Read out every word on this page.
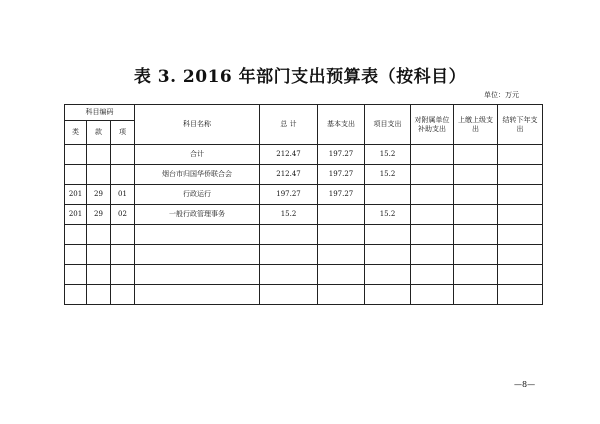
表 3. 2016 年部门支出预算表（按科目）
单位：万元
科目编码			科目名称	总 计	基本支出	项目支出	对附属单位补助支出	上缴上级支出	结转下年支出
类	款	项							
			合计	212.47	197.27	15.2			
			烟台市归国华侨联合会	212.47	197.27	15.2			
201	29	01	行政运行	197.27	197.27				
201	29	02	一般行政管理事务	15.2		15.2			

—8—
